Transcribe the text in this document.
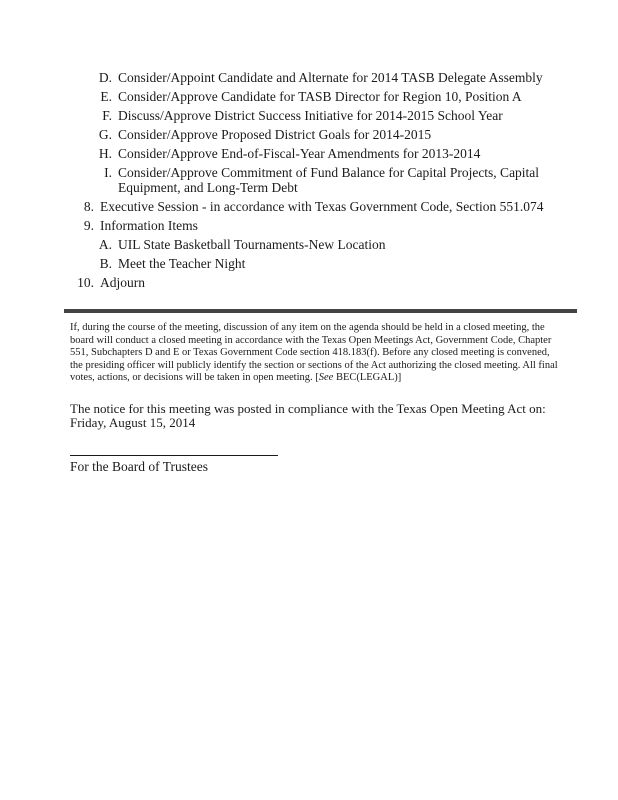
D. Consider/Appoint Candidate and Alternate for 2014 TASB Delegate Assembly
E. Consider/Approve Candidate for TASB Director for Region 10, Position A
F. Discuss/Approve District Success Initiative for 2014-2015 School Year
G. Consider/Approve Proposed District Goals for 2014-2015
H. Consider/Approve End-of-Fiscal-Year Amendments for 2013-2014
I. Consider/Approve Commitment of Fund Balance for Capital Projects, Capital
Equipment, and Long-Term Debt
8. Executive Session - in accordance with Texas Government Code, Section 551.074
9. Information Items
A. UIL State Basketball Tournaments-New Location
B. Meet the Teacher Night
10. Adjourn
If, during the course of the meeting, discussion of any item on the agenda should be held in a closed meeting, the
board will conduct a closed meeting in accordance with the Texas Open Meetings Act, Government Code, Chapter
551, Subchapters D and E or Texas Government Code section 418.183(f). Before any closed meeting is convened,
the presiding officer will publicly identify the section or sections of the Act authorizing the closed meeting. All final
votes, actions, or decisions will be taken in open meeting. [See BEC(LEGAL)]
The notice for this meeting was posted in compliance with the Texas Open Meeting Act on:
Friday, August 15, 2014
For the Board of Trustees
